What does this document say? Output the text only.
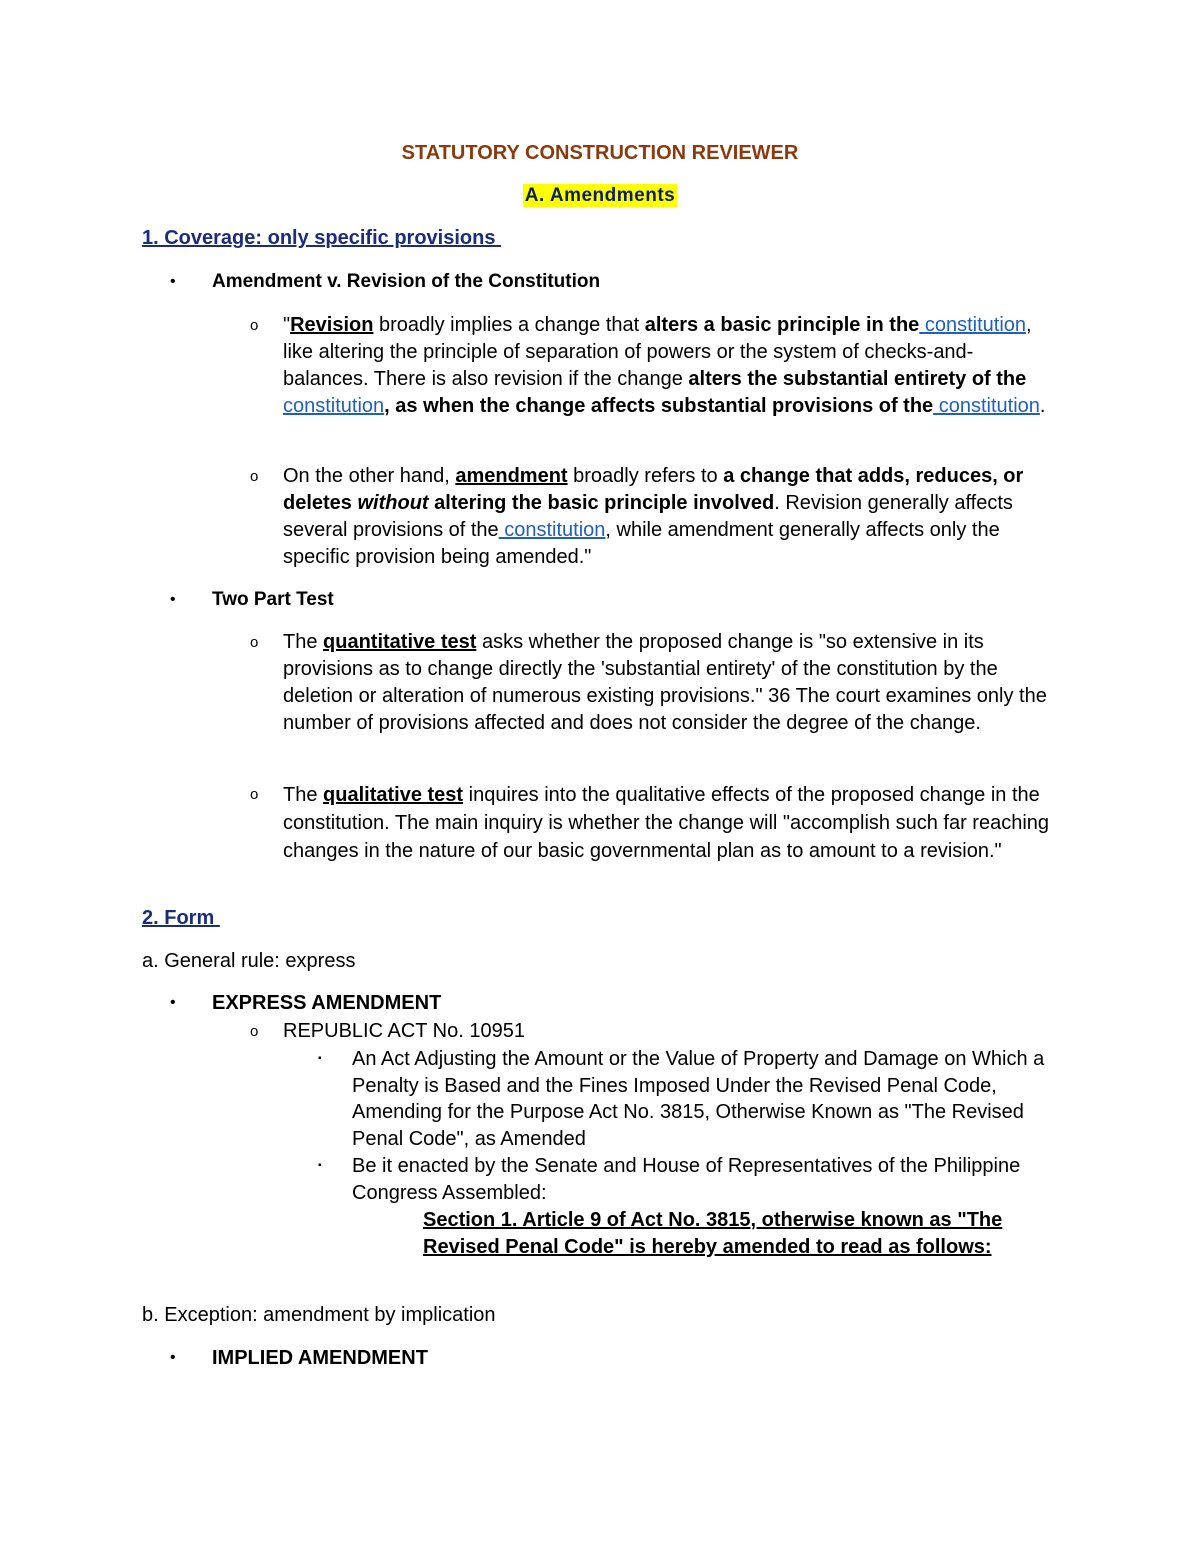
STATUTORY CONSTRUCTION REVIEWER
A. Amendments
1. Coverage: only specific provisions
•	Amendment v. Revision of the Constitution
o	"Revision broadly implies a change that alters a basic principle in the constitution, like altering the principle of separation of powers or the system of checks-and-balances. There is also revision if the change alters the substantial entirety of the constitution, as when the change affects substantial provisions of the constitution.
o	On the other hand, amendment broadly refers to a change that adds, reduces, or deletes without altering the basic principle involved. Revision generally affects several provisions of the constitution, while amendment generally affects only the specific provision being amended."
•	Two Part Test
o	The quantitative test asks whether the proposed change is "so extensive in its provisions as to change directly the 'substantial entirety' of the constitution by the deletion or alteration of numerous existing provisions." 36 The court examines only the number of provisions affected and does not consider the degree of the change.
o	The qualitative test inquires into the qualitative effects of the proposed change in the constitution. The main inquiry is whether the change will "accomplish such far reaching changes in the nature of our basic governmental plan as to amount to a revision."
2. Form
a. General rule: express
•	EXPRESS AMENDMENT
o	REPUBLIC ACT No. 10951
▪	An Act Adjusting the Amount or the Value of Property and Damage on Which a Penalty is Based and the Fines Imposed Under the Revised Penal Code, Amending for the Purpose Act No. 3815, Otherwise Known as "The Revised Penal Code", as Amended
▪	Be it enacted by the Senate and House of Representatives of the Philippine Congress Assembled:
Section 1. Article 9 of Act No. 3815, otherwise known as "The Revised Penal Code" is hereby amended to read as follows:
b. Exception: amendment by implication
•	IMPLIED AMENDMENT
